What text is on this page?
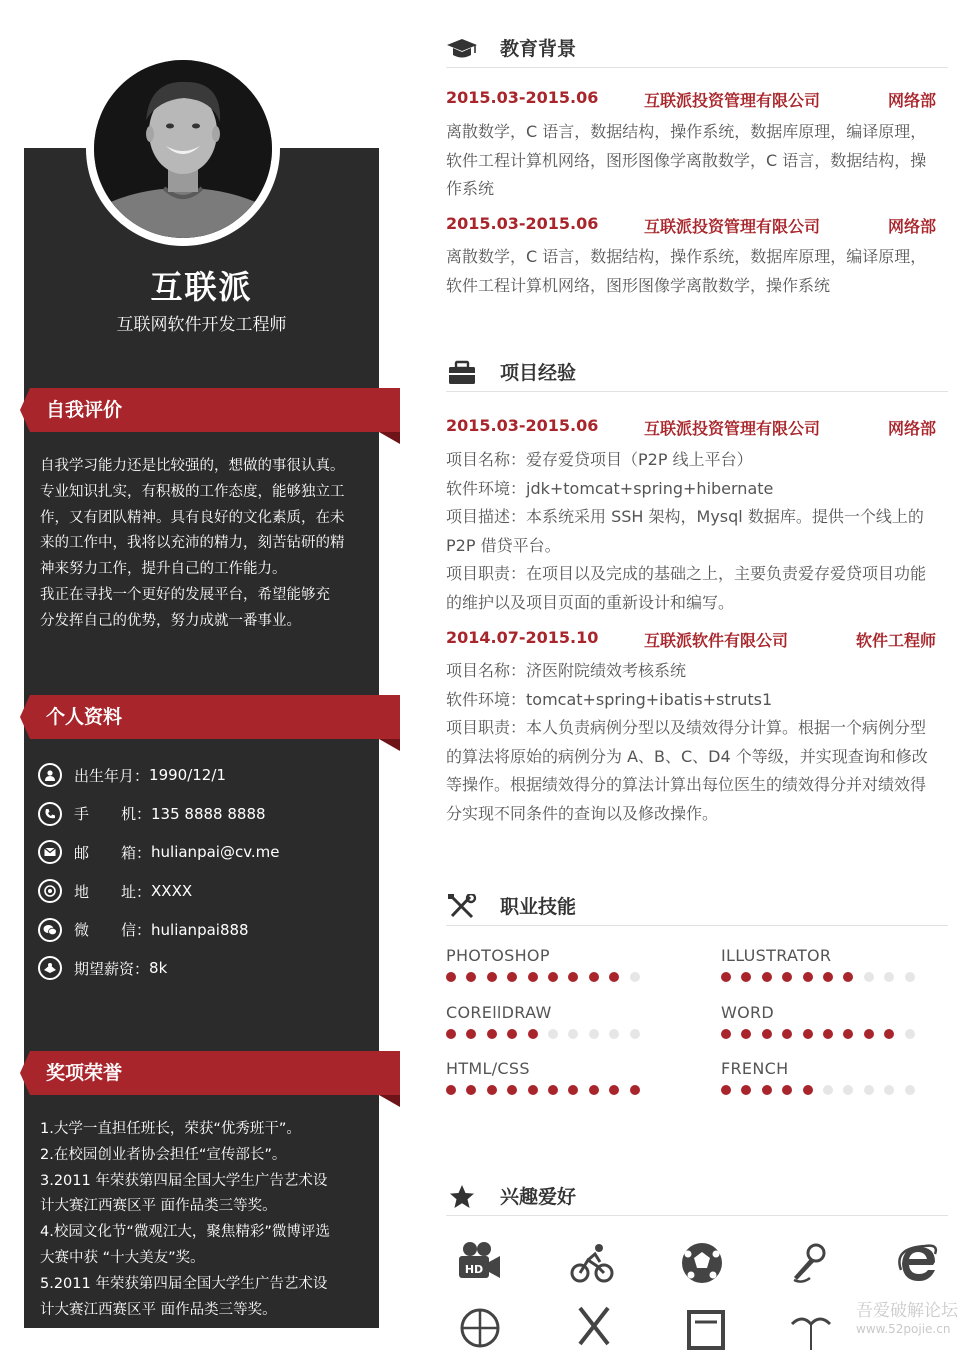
互联派
互联网软件开发工程师
自我评价
自我学习能力还是比较强的，想做的事很认真。
专业知识扎实，有积极的工作态度，能够独立工
作，又有团队精神。具有良好的文化素质，在未
来的工作中，我将以充沛的精力，刻苦钻研的精
神来努力工作，提升自己的工作能力。
我正在寻找一个更好的发展平台，希望能够充
分发挥自己的优势，努力成就一番事业。
个人资料
出生年月 ： 1990/12/1
手 机 ： 135 8888 8888
邮 箱 ： hulianpai@cv.me
地 址 ： XXXX
微 信 ： hulianpai888
期望薪资 ： 8k
奖项荣誉
1.大学一直担任班长，荣获“优秀班干”。
2.在校园创业者协会担任“宣传部长”。
3.2011 年荣获第四届全国大学生广告艺术设
计大赛江西赛区平 面作品类三等奖。
4.校园文化节“微观江大，聚焦精彩”微博评选
大赛中获 “十大美友”奖。
5.2011 年荣获第四届全国大学生广告艺术设
计大赛江西赛区平 面作品类三等奖。
教育背景
2015.03-2015.06	互联派投资管理有限公司	网络部
离散数学，C 语言，数据结构，操作系统，数据库原理，编译原理，
软件工程计算机网络，图形图像学离散数学，C 语言，数据结构，操
作系统
2015.03-2015.06	互联派投资管理有限公司	网络部
离散数学，C 语言，数据结构，操作系统，数据库原理，编译原理，
软件工程计算机网络，图形图像学离散数学，操作系统
项目经验
2015.03-2015.06	互联派投资管理有限公司	网络部
项目名称：爱存爱贷项目（P2P 线上平台）
软件环境：jdk+tomcat+spring+hibernate
项目描述：本系统采用 SSH 架构，Mysql 数据库。提供一个线上的
P2P 借贷平台。
项目职责：在项目以及完成的基础之上，主要负责爱存爱贷项目功能
的维护以及项目页面的重新设计和编写。
2014.07-2015.10	互联派软件有限公司	软件工程师
项目名称：济医附院绩效考核系统
软件环境：tomcat+spring+ibatis+struts1
项目职责：本人负责病例分型以及绩效得分计算。根据一个病例分型
的算法将原始的病例分为 A、B、C、D4 个等级，并实现查询和修改
等操作。根据绩效得分的算法计算出每位医生的绩效得分并对绩效得
分实现不同条件的查询以及修改操作。
职业技能
PHOTOSHOP	ILLUSTRATOR
COREllDRAW	WORD
HTML/CSS	FRENCH
兴趣爱好
HD
吾爱破解论坛
www.52pojie.cn
